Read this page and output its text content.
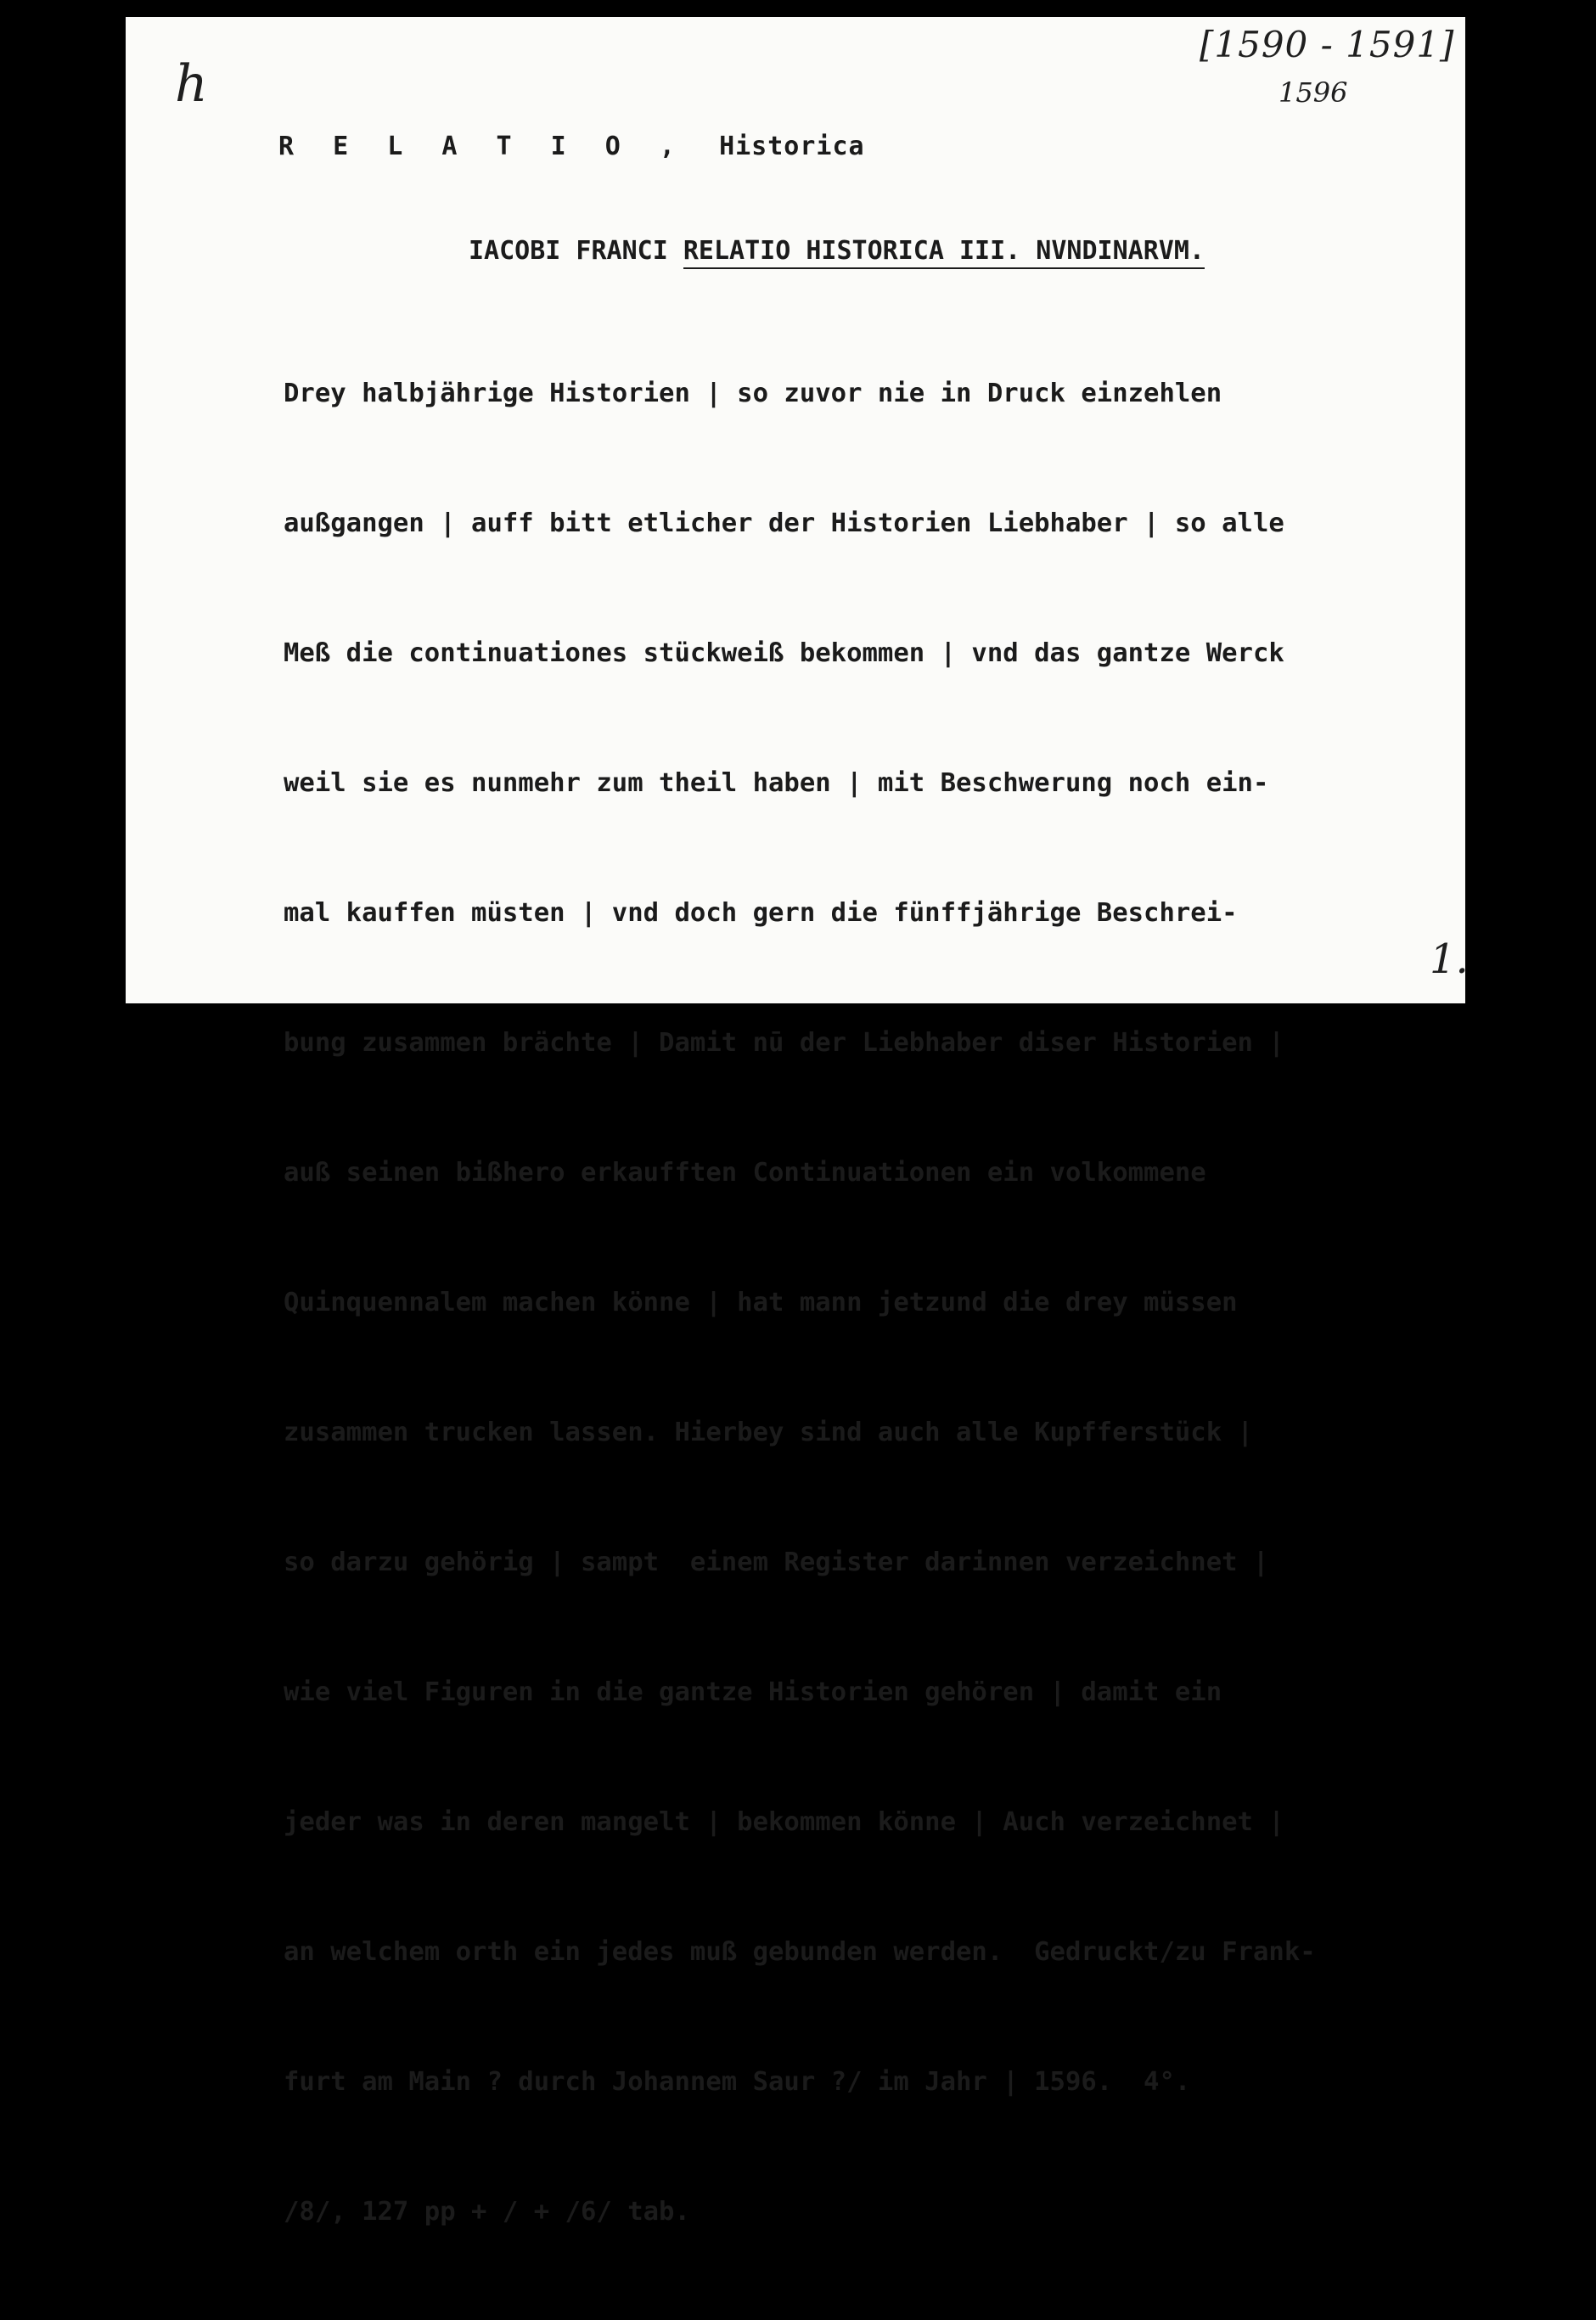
h
[1590 - 1591]
1596
R E L A T I O , Historica
IACOBI FRANCI RELATIO HISTORICA III. NVNDINARVM.

Drey halbjährige Historien | so zuvor nie in Druck einzehlen

außgangen | auff bitt etlicher der Historien Liebhaber | so alle

Meß die continuationes stückweiß bekommen | vnd das gantze Werck

weil sie es nunmehr zum theil haben | mit Beschwerung noch ein-

mal kauffen müsten | vnd doch gern die fünffjährige Beschrei-

bung zusammen brächte | Damit nū der Liebhaber diser Historien |

auß seinen bißhero erkaufften Continuationen ein volkommene

Quinquennalem machen könne | hat mann jetzund die drey müssen

zusammen trucken lassen. Hierbey sind auch alle Kupfferstück |

so darzu gehörig | sampt  einem Register darinnen verzeichnet |

wie viel Figuren in die gantze Historien gehören | damit ein

jeder was in deren mangelt | bekommen könne | Auch verzeichnet |

an welchem orth ein jedes muß gebunden werden.  Gedruckt/zu Frank-

furt am Main ? durch Johannem Saur ?/ im Jahr | 1596.  4°.

/8/, 127 pp + / + /6/ tab.

1.
